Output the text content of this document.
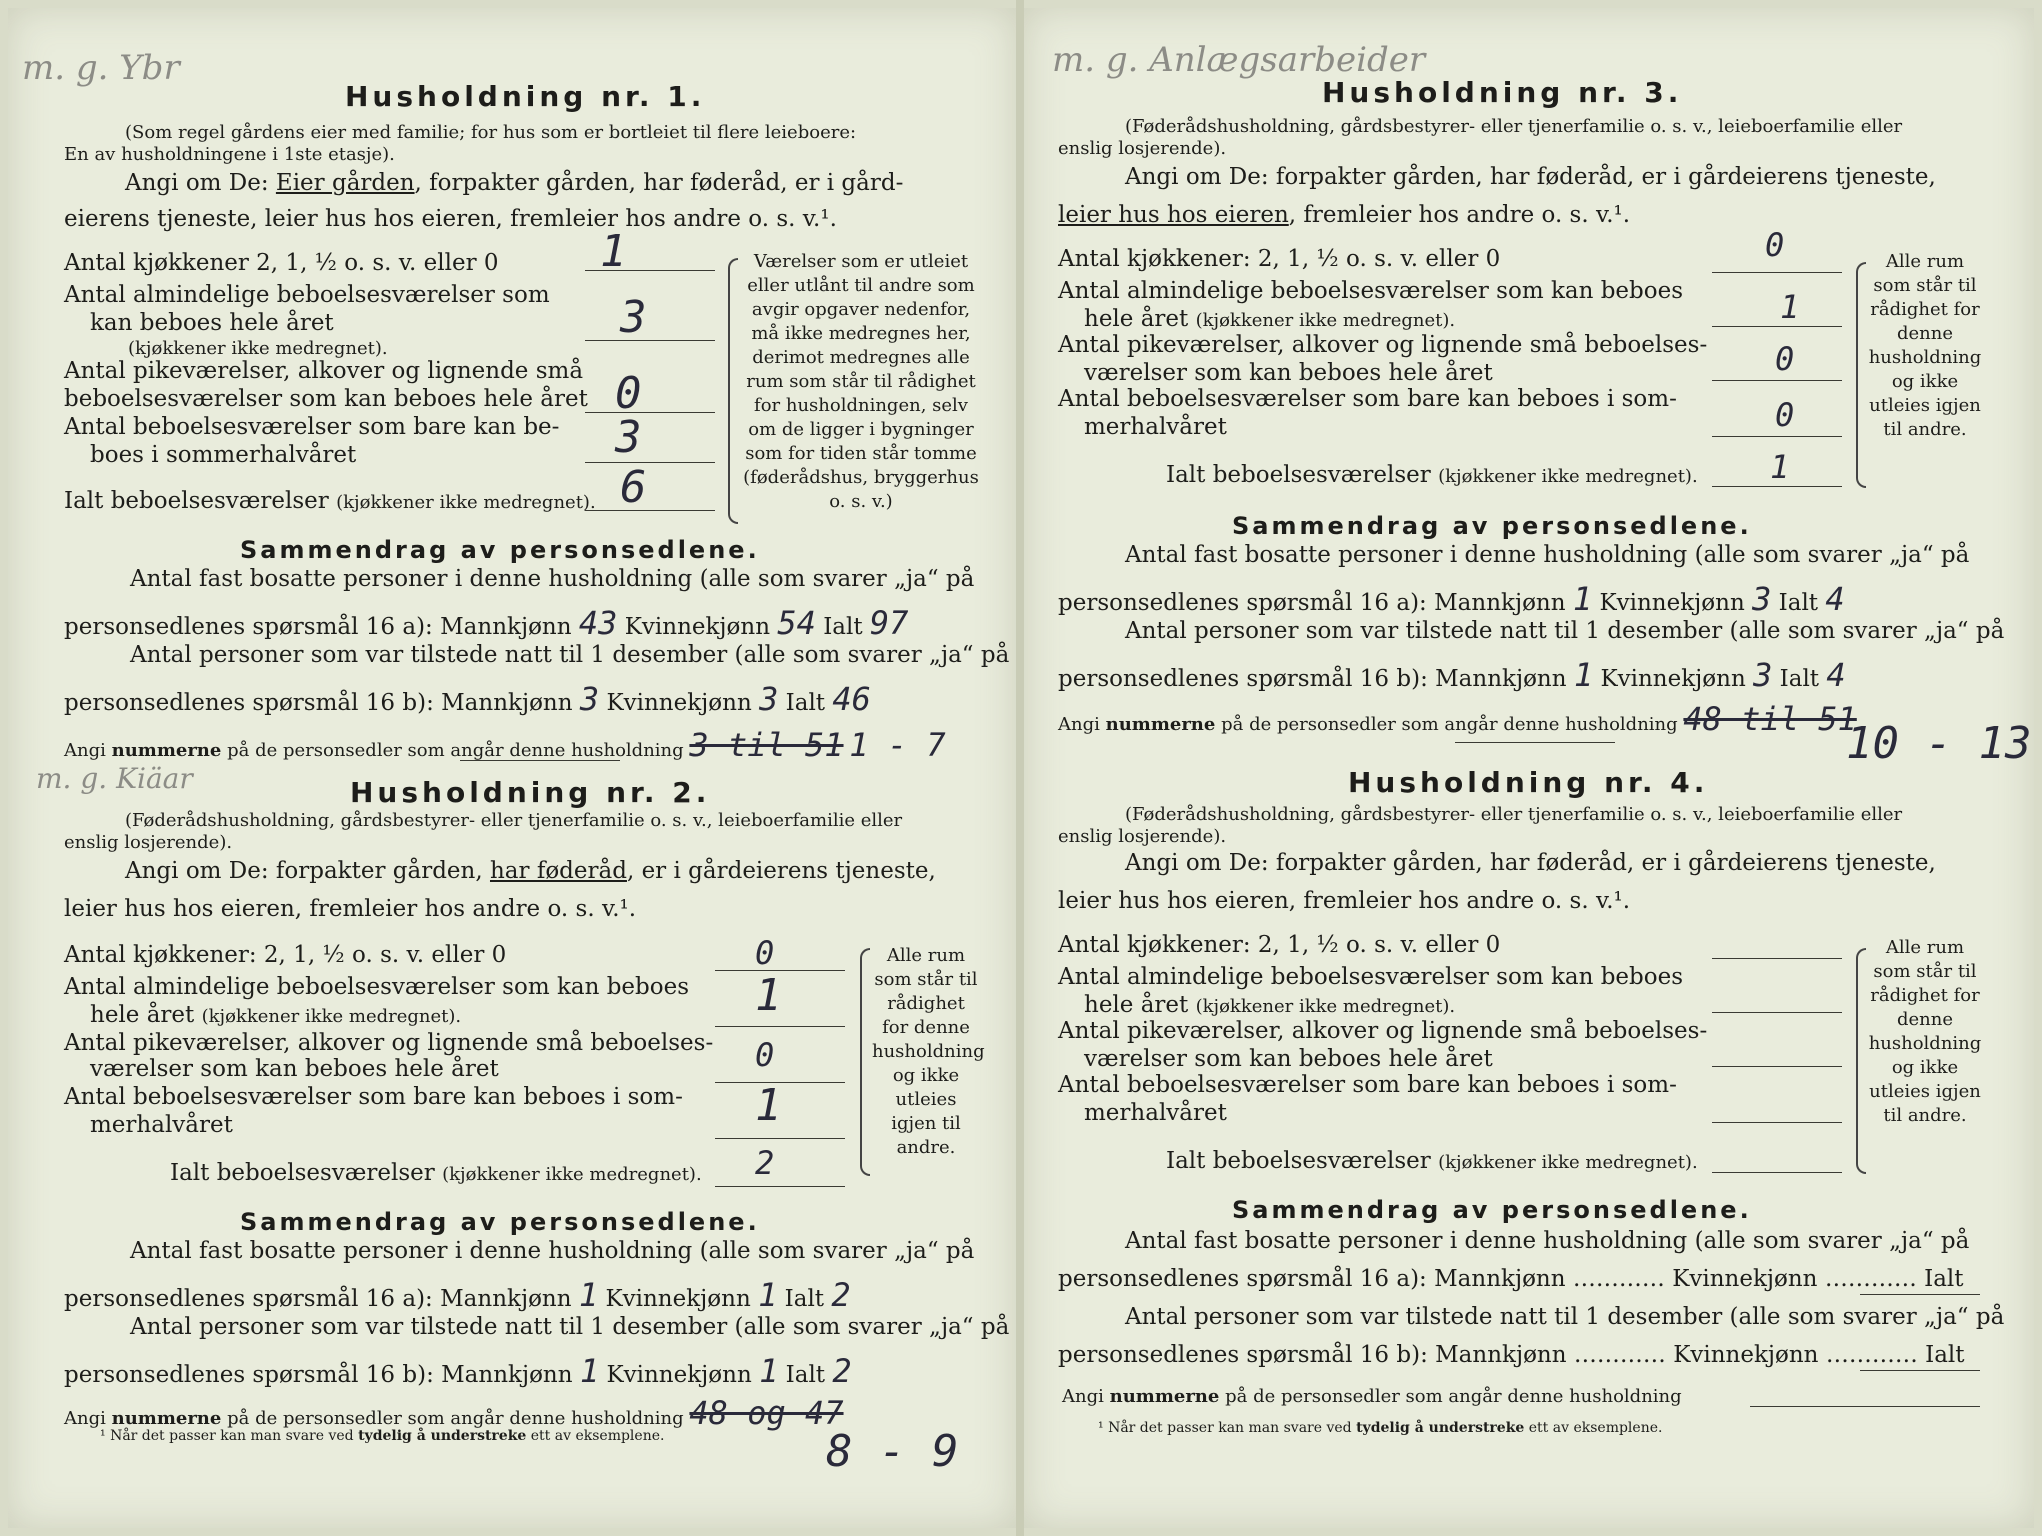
m. g. Ybr
Husholdning nr. 1.
(Som regel gårdens eier med familie; for hus som er bortleiet til flere leieboere:
En av husholdningene i 1ste etasje).
Angi om De: Eier gården, forpakter gården, har føderåd, er i gård-
eierens tjeneste, leier hus hos eieren, fremleier hos andre o. s. v.¹.
Antal kjøkkener 2, 1, ½ o. s. v. eller 0
Antal almindelige beboelsesværelser som
kan beboes hele året
(kjøkkener ikke medregnet).
Antal pikeværelser, alkover og lignende små
beboelsesværelser som kan beboes hele året
Antal beboelsesværelser som bare kan be-
boes i sommerhalvåret
Ialt beboelsesværelser (kjøkkener ikke medregnet).
1
3
0
3
6
Værelser som er utleiet eller utlånt til andre som avgir opgaver nedenfor, må ikke medregnes her, derimot medregnes alle rum som står til rådighet for husholdningen, selv om de ligger i bygninger som for tiden står tomme (føderådshus, bryggerhus o. s. v.)
Sammendrag av personsedlene.
Antal fast bosatte personer i denne husholdning (alle som svarer „ja“ på
personsedlenes spørsmål 16 a): Mannkjønn 43 Kvinnekjønn 54 Ialt 97
Antal personer som var tilstede natt til 1 desember (alle som svarer „ja“ på
personsedlenes spørsmål 16 b): Mannkjønn 3 Kvinnekjønn 3 Ialt 46
Angi nummerne på de personsedler som angår denne husholdning 3 til 51 1 - 7
m. g. Kiäar	Husholdning nr. 2.
(Føderådshusholdning, gårdsbestyrer- eller tjenerfamilie o. s. v., leieboerfamilie eller
enslig losjerende).
Angi om De: forpakter gården, har føderåd, er i gårdeierens tjeneste,
leier hus hos eieren, fremleier hos andre o. s. v.¹.
Antal kjøkkener: 2, 1, ½ o. s. v. eller 0
Antal almindelige beboelsesværelser som kan beboes
hele året (kjøkkener ikke medregnet).
Antal pikeværelser, alkover og lignende små beboelses-
værelser som kan beboes hele året
Antal beboelsesværelser som bare kan beboes i som-
merhalvåret
Ialt beboelsesværelser (kjøkkener ikke medregnet).
0
1
0
1
2
Alle rum som står til rådighet for denne husholdning og ikke utleies igjen til andre.
Sammendrag av personsedlene.
Antal fast bosatte personer i denne husholdning (alle som svarer „ja“ på
personsedlenes spørsmål 16 a): Mannkjønn 1 Kvinnekjønn 1 Ialt 2
Antal personer som var tilstede natt til 1 desember (alle som svarer „ja“ på
personsedlenes spørsmål 16 b): Mannkjønn 1 Kvinnekjønn 1 Ialt 2
Angi nummerne på de personsedler som angår denne husholdning 48 og 47
8 - 9
¹ Når det passer kan man svare ved tydelig å understreke ett av eksemplene.
m. g. Anlægsarbeider
Husholdning nr. 3.
(Føderådshusholdning, gårdsbestyrer- eller tjenerfamilie o. s. v., leieboerfamilie eller
enslig losjerende).
Angi om De: forpakter gården, har føderåd, er i gårdeierens tjeneste,
leier hus hos eieren, fremleier hos andre o. s. v.¹.
Antal kjøkkener: 2, 1, ½ o. s. v. eller 0
Antal almindelige beboelsesværelser som kan beboes
hele året (kjøkkener ikke medregnet).
Antal pikeværelser, alkover og lignende små beboelses-
værelser som kan beboes hele året
Antal beboelsesværelser som bare kan beboes i som-
merhalvåret
Ialt beboelsesværelser (kjøkkener ikke medregnet).
0
1
0
0
1
Alle rum som står til rådighet for denne husholdning og ikke utleies igjen til andre.
Sammendrag av personsedlene.
Antal fast bosatte personer i denne husholdning (alle som svarer „ja“ på
personsedlenes spørsmål 16 a): Mannkjønn 1 Kvinnekjønn 3 Ialt 4
Antal personer som var tilstede natt til 1 desember (alle som svarer „ja“ på
personsedlenes spørsmål 16 b): Mannkjønn 1 Kvinnekjønn 3 Ialt 4
Angi nummerne på de personsedler som angår denne husholdning 48 til 51
10 - 13
Husholdning nr. 4.
(Føderådshusholdning, gårdsbestyrer- eller tjenerfamilie o. s. v., leieboerfamilie eller
enslig losjerende).
Angi om De: forpakter gården, har føderåd, er i gårdeierens tjeneste,
leier hus hos eieren, fremleier hos andre o. s. v.¹.
Antal kjøkkener: 2, 1, ½ o. s. v. eller 0
Antal almindelige beboelsesværelser som kan beboes
hele året (kjøkkener ikke medregnet).
Antal pikeværelser, alkover og lignende små beboelses-
værelser som kan beboes hele året
Antal beboelsesværelser som bare kan beboes i som-
merhalvåret
Ialt beboelsesværelser (kjøkkener ikke medregnet).
Alle rum som står til rådighet for denne husholdning og ikke utleies igjen til andre.
Sammendrag av personsedlene.
Antal fast bosatte personer i denne husholdning (alle som svarer „ja“ på
personsedlenes spørsmål 16 a): Mannkjønn ………… Kvinnekjønn ………… Ialt
Antal personer som var tilstede natt til 1 desember (alle som svarer „ja“ på
personsedlenes spørsmål 16 b): Mannkjønn ………… Kvinnekjønn ………… Ialt
Angi nummerne på de personsedler som angår denne husholdning
¹ Når det passer kan man svare ved tydelig å understreke ett av eksemplene.
